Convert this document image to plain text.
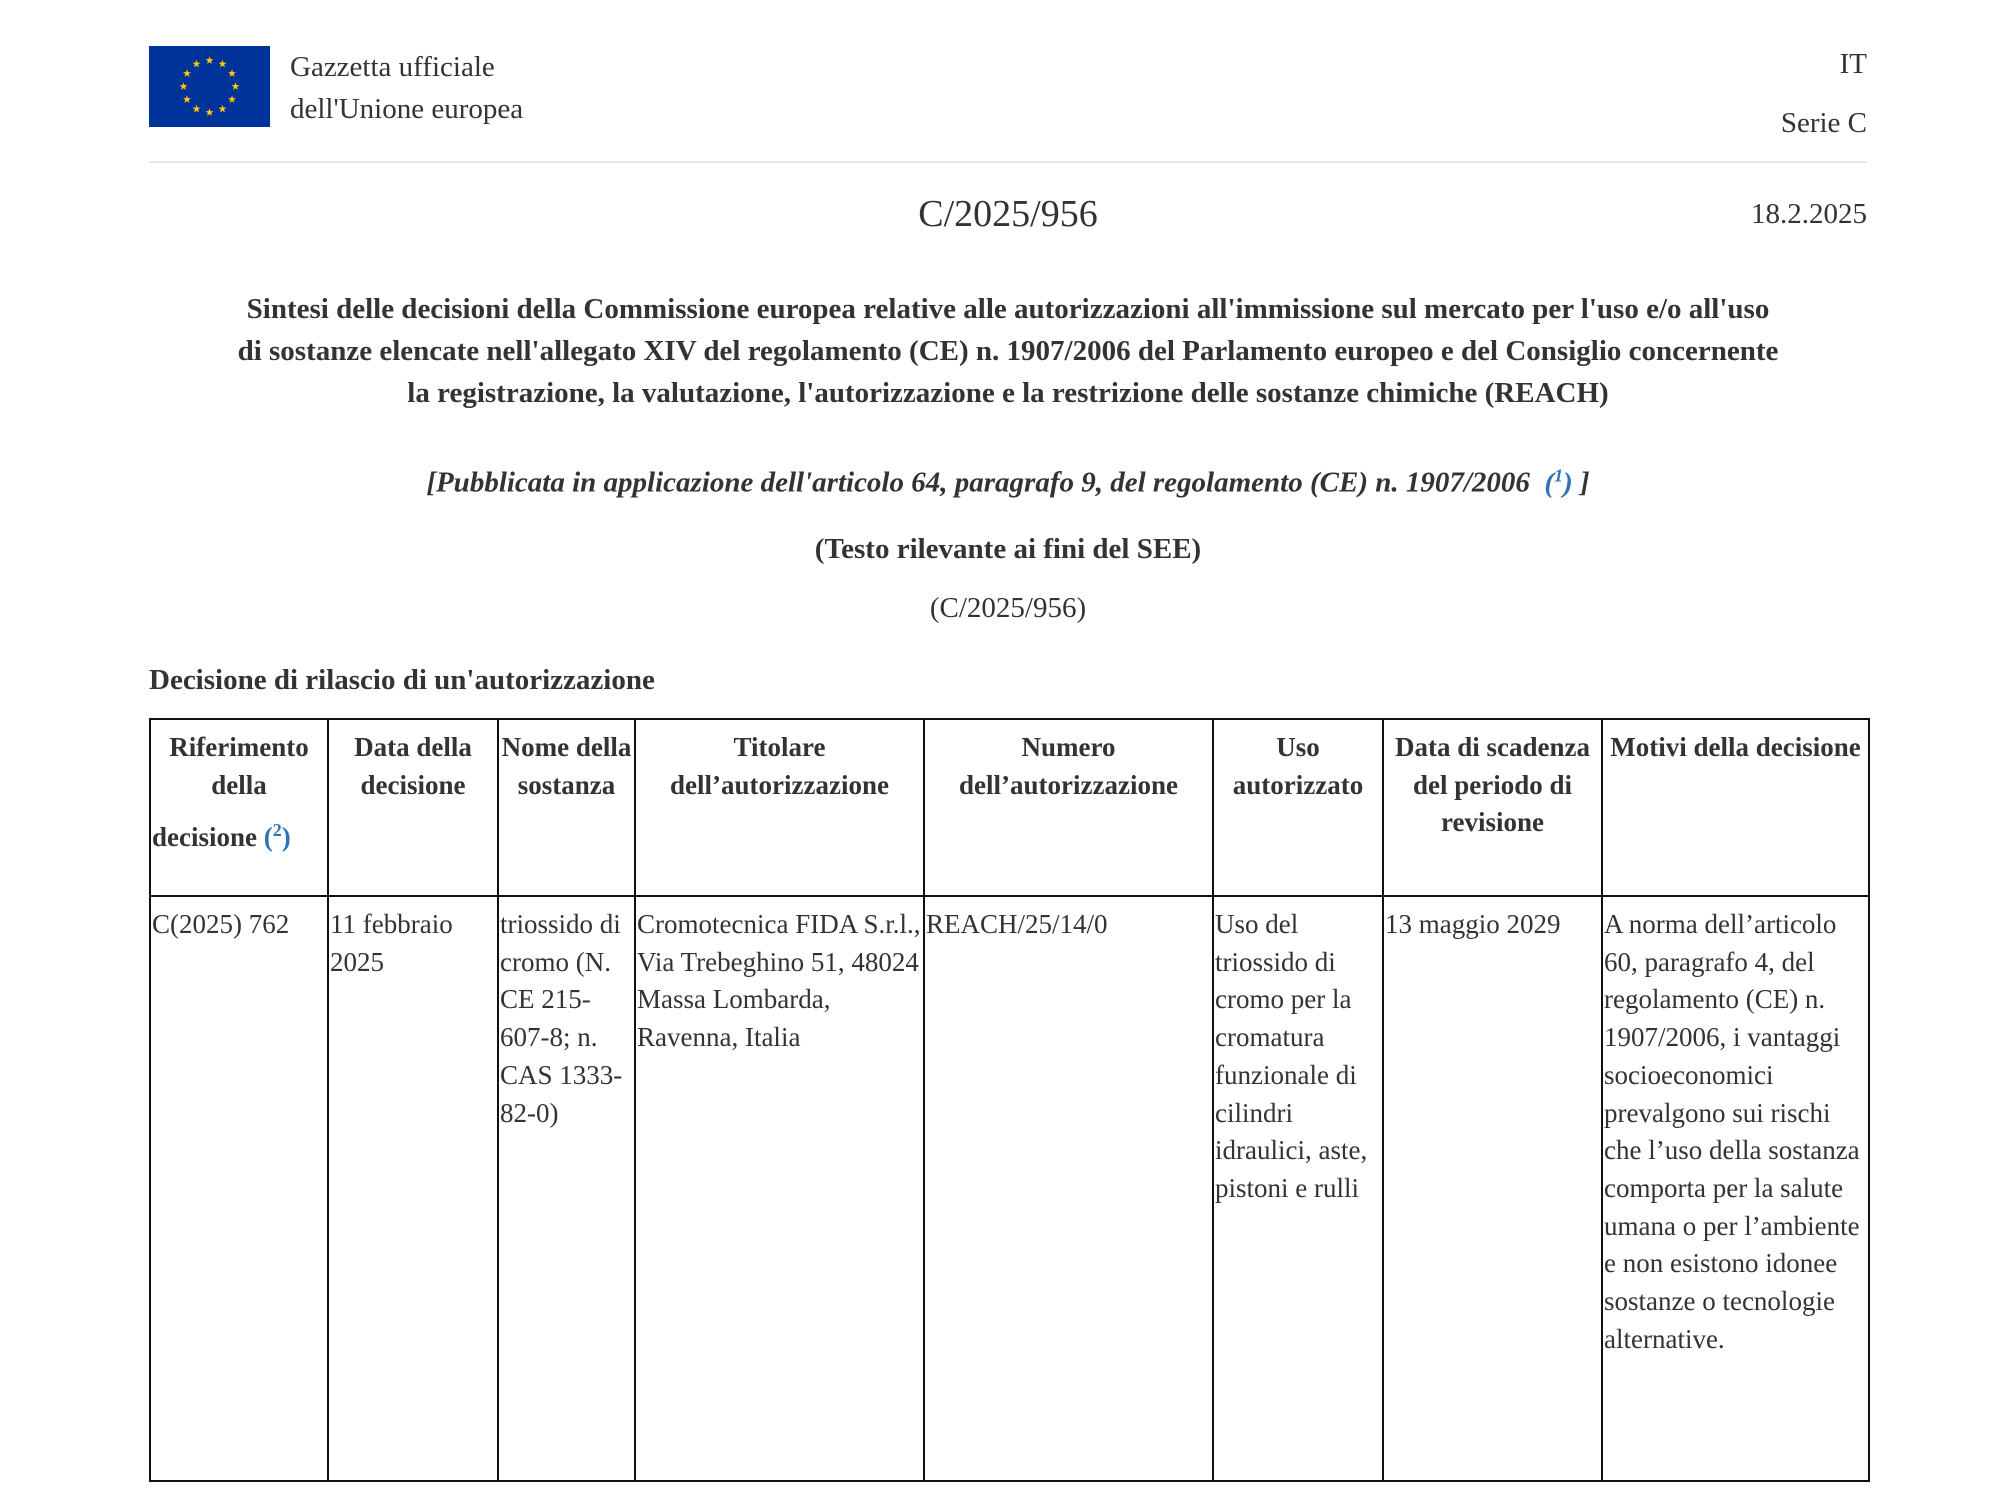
Gazzetta ufficiale
dell'Unione europea
IT
Serie C
C/2025/956	18.2.2025
Sintesi delle decisioni della Commissione europea relative alle autorizzazioni all'immissione sul mercato per l'uso e/o all'uso
di sostanze elencate nell'allegato XIV del regolamento (CE) n. 1907/2006 del Parlamento europeo e del Consiglio concernente
la registrazione, la valutazione, l'autorizzazione e la restrizione delle sostanze chimiche (REACH)
[Pubblicata in applicazione dell'articolo 64, paragrafo 9, del regolamento (CE) n. 1907/2006 ($^1$) ]
(Testo rilevante ai fini del SEE)
(C/2025/956)
Decisione di rilascio di un'autorizzazione
Riferimento
della
decisione ($^2$)	Data della decisione	Nome della sostanza	Titolare dell’autorizzazione	Numero dell’autorizzazione	Uso autorizzato	Data di scadenza del periodo di revisione	Motivi della decisione
C(2025) 762	11 febbraio 2025	triossido di cromo (N. CE 215-607-8; n. CAS 1333-82-0)	Cromotecnica FIDA S.r.l., Via Trebeghino 51, 48024 Massa Lombarda, Ravenna, Italia	REACH/25/14/0	Uso del triossido di cromo per la cromatura funzionale di cilindri idraulici, aste, pistoni e rulli	13 maggio 2029	A norma dell’articolo 60, paragrafo 4, del regolamento (CE) n. 1907/2006, i vantaggi socioeconomici prevalgono sui rischi che l’uso della sostanza comporta per la salute umana o per l’ambiente e non esistono idonee sostanze o tecnologie alternative.
